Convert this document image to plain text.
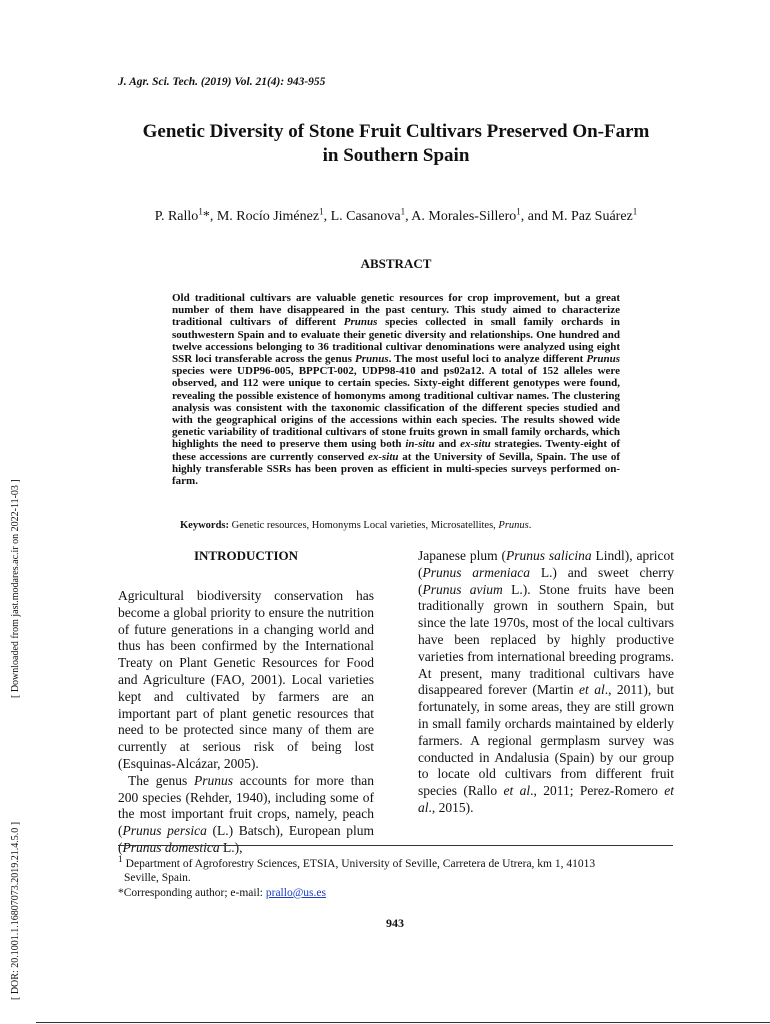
J. Agr. Sci. Tech. (2019) Vol. 21(4): 943-955
Genetic Diversity of Stone Fruit Cultivars Preserved On-Farm
in Southern Spain
P. Rallo$^1$*, M. Rocío Jiménez$^1$, L. Casanova$^1$, A. Morales-Sillero$^1$, and M. Paz Suárez$^1$
ABSTRACT
Old traditional cultivars are valuable genetic resources for crop improvement, but a great number of them have disappeared in the past century. This study aimed to characterize traditional cultivars of different Prunus species collected in small family orchards in southwestern Spain and to evaluate their genetic diversity and relationships. One hundred and twelve accessions belonging to 36 traditional cultivar denominations were analyzed using eight SSR loci transferable across the genus Prunus. The most useful loci to analyze different Prunus species were UDP96-005, BPPCT-002, UDP98-410 and ps02a12. A total of 152 alleles were observed, and 112 were unique to certain species. Sixty-eight different genotypes were found, revealing the possible existence of homonyms among traditional cultivar names. The clustering analysis was consistent with the taxonomic classification of the different species studied and with the geographical origins of the accessions within each species. The results showed wide genetic variability of traditional cultivars of stone fruits grown in small family orchards, which highlights the need to preserve them using both in-situ and ex-situ strategies. Twenty-eight of these accessions are currently conserved ex-situ at the University of Sevilla, Spain. The use of highly transferable SSRs has been proven as efficient in multi-species surveys performed on-farm.
Keywords: Genetic resources, Homonyms Local varieties, Microsatellites, Prunus.
INTRODUCTION

Agricultural biodiversity conservation has become a global priority to ensure the nutrition of future generations in a changing world and thus has been confirmed by the International Treaty on Plant Genetic Resources for Food and Agriculture (FAO, 2001). Local varieties kept and cultivated by farmers are an important part of plant genetic resources that need to be protected since many of them are currently at serious risk of being lost (Esquinas-Alcázar, 2005).

The genus Prunus accounts for more than 200 species (Rehder, 1940), including some of the most important fruit crops, namely, peach (Prunus persica (L.) Batsch), European plum (Prunus domestica L.),

Japanese plum (Prunus salicina Lindl), apricot (Prunus armeniaca L.) and sweet cherry (Prunus avium L.). Stone fruits have been traditionally grown in southern Spain, but since the late 1970s, most of the local cultivars have been replaced by highly productive varieties from international breeding programs. At present, many traditional cultivars have disappeared forever (Martin et al., 2011), but fortunately, in some areas, they are still grown in small family orchards maintained by elderly farmers. A regional germplasm survey was conducted in Andalusia (Spain) by our group to locate old cultivars from different fruit species (Rallo et al., 2011; Perez-Romero et al., 2015).

$^1$ Department of Agroforestry Sciences, ETSIA, University of Seville, Carretera de Utrera, km 1, 41013

Seville, Spain.

*Corresponding author; e-mail: prallo@us.es

943
[ Downloaded from jast.modares.ac.ir on 2022-11-03 ]
[ DOR: 20.1001.1.16807073.2019.21.4.5.0 ]
